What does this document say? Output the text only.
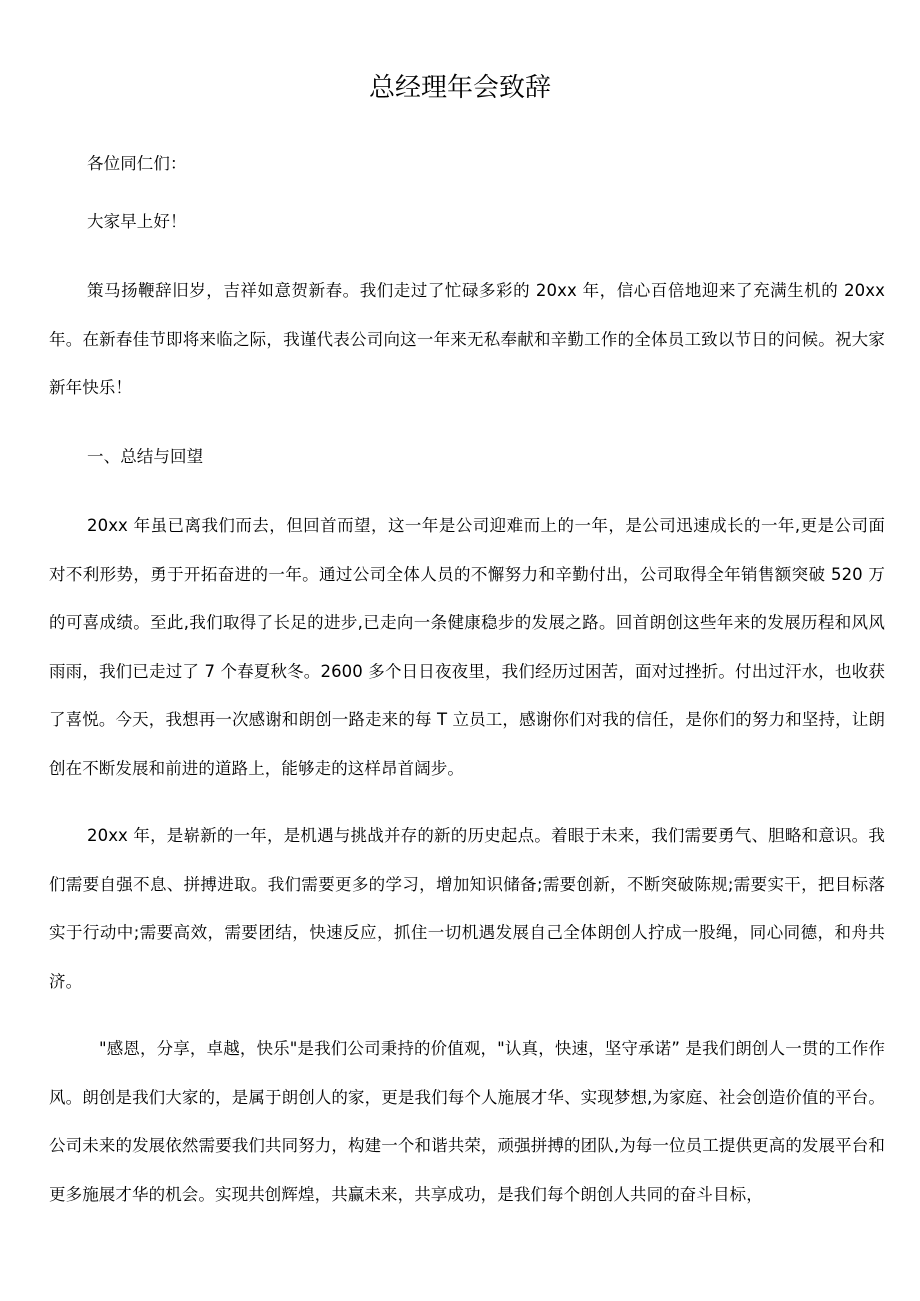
总经理年会致辞

各位同仁们：

大家早上好！

策马扬鞭辞旧岁，吉祥如意贺新春。我们走过了忙碌多彩的 20xx 年，信心百倍地迎来了充满生机的 20xx 年。在新春佳节即将来临之际，我谨代表公司向这一年来无私奉献和辛勤工作的全体员工致以节日的问候。祝大家新年快乐！

一、总结与回望

20xx 年虽已离我们而去，但回首而望，这一年是公司迎难而上的一年，是公司迅速成长的一年,更是公司面对不利形势，勇于开拓奋进的一年。通过公司全体人员的不懈努力和辛勤付出，公司取得全年销售额突破 520 万的可喜成绩。至此,我们取得了长足的进步,已走向一条健康稳步的发展之路。回首朗创这些年来的发展历程和风风雨雨，我们已走过了 7 个春夏秋冬。2600 多个日日夜夜里，我们经历过困苦，面对过挫折。付出过汗水，也收获了喜悦。今天，我想再一次感谢和朗创一路走来的每 T 立员工，感谢你们对我的信任，是你们的努力和坚持，让朗创在不断发展和前进的道路上，能够走的这样昂首阔步。

20xx 年，是崭新的一年，是机遇与挑战并存的新的历史起点。着眼于未来，我们需要勇气、胆略和意识。我们需要自强不息、拼搏进取。我们需要更多的学习，增加知识储备;需要创新，不断突破陈规;需要实干，把目标落实于行动中;需要高效，需要团结，快速反应，抓住一切机遇发展自己全体朗创人拧成一股绳，同心同德，和舟共济。

"感恩，分享，卓越，快乐"是我们公司秉持的价值观，"认真，快速，坚守承诺” 是我们朗创人一贯的工作作风。朗创是我们大家的，是属于朗创人的家，更是我们每个人施展才华、实现梦想,为家庭、社会创造价值的平台。公司未来的发展依然需要我们共同努力，构建一个和谐共荣，顽强拼搏的团队,为每一位员工提供更高的发展平台和更多施展才华的机会。实现共创辉煌，共赢未来，共享成功，是我们每个朗创人共同的奋斗目标，
